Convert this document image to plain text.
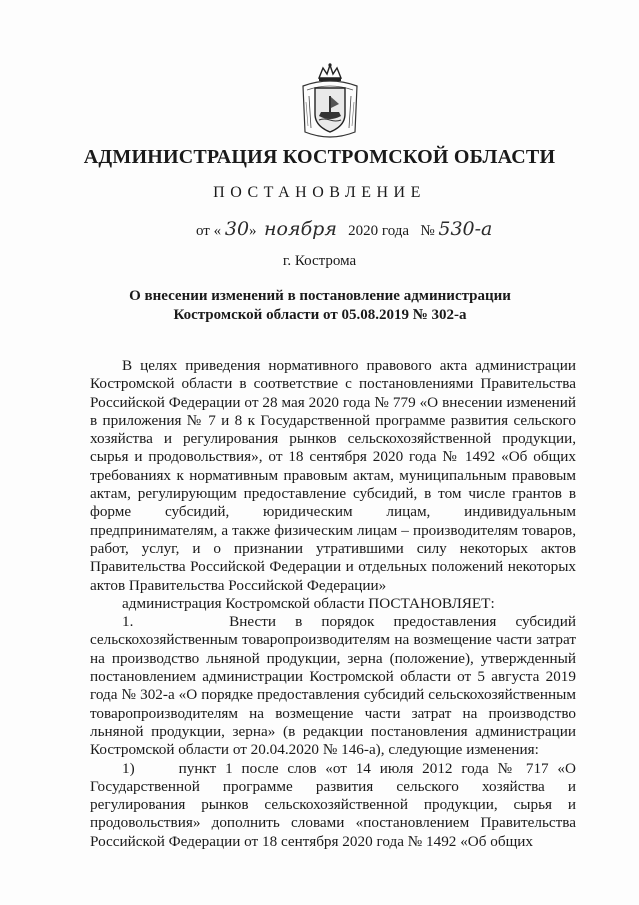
АДМИНИСТРАЦИЯ КОСТРОМСКОЙ ОБЛАСТИ
ПОСТАНОВЛЕНИЕ
от « 30» ноября 2020 года № 530-а
г. Кострома
О внесении изменений в постановление администрации
Костромской области от 05.08.2019 № 302-а

В целях приведения нормативного правового акта администрации Костромской области в соответствие с постановлениями Правительства Российской Федерации от 28 мая 2020 года № 779 «О внесении изменений в приложения № 7 и 8 к Государственной программе развития сельского хозяйства и регулирования рынков сельскохозяйственной продукции, сырья и продовольствия», от 18 сентября 2020 года № 1492 «Об общих требованиях к нормативным правовым актам, муниципальным правовым актам, регулирующим предоставление субсидий, в том числе грантов в форме субсидий, юридическим лицам, индивидуальным предпринимателям, а также физическим лицам – производителям товаров, работ, услуг, и о признании утратившими силу некоторых актов Правительства Российской Федерации и отдельных положений некоторых актов Правительства Российской Федерации»

администрация Костромской области ПОСТАНОВЛЯЕТ:

1.     Внести в порядок предоставления субсидий сельскохозяйственным товаропроизводителям на возмещение части затрат на производство льняной продукции, зерна (положение), утвержденный постановлением администрации Костромской области от 5 августа 2019 года № 302-а «О порядке предоставления субсидий сельскохозяйственным товаропроизводителям на возмещение части затрат на производство льняной продукции, зерна» (в редакции постановления администрации Костромской области от 20.04.2020 № 146-а), следующие изменения:

1)     пункт 1 после слов «от 14 июля 2012 года № 717 «О Государственной программе развития сельского хозяйства и регулирования рынков сельскохозяйственной продукции, сырья и продовольствия» дополнить словами «постановлением Правительства Российской Федерации от 18 сентября 2020 года № 1492 «Об общих
